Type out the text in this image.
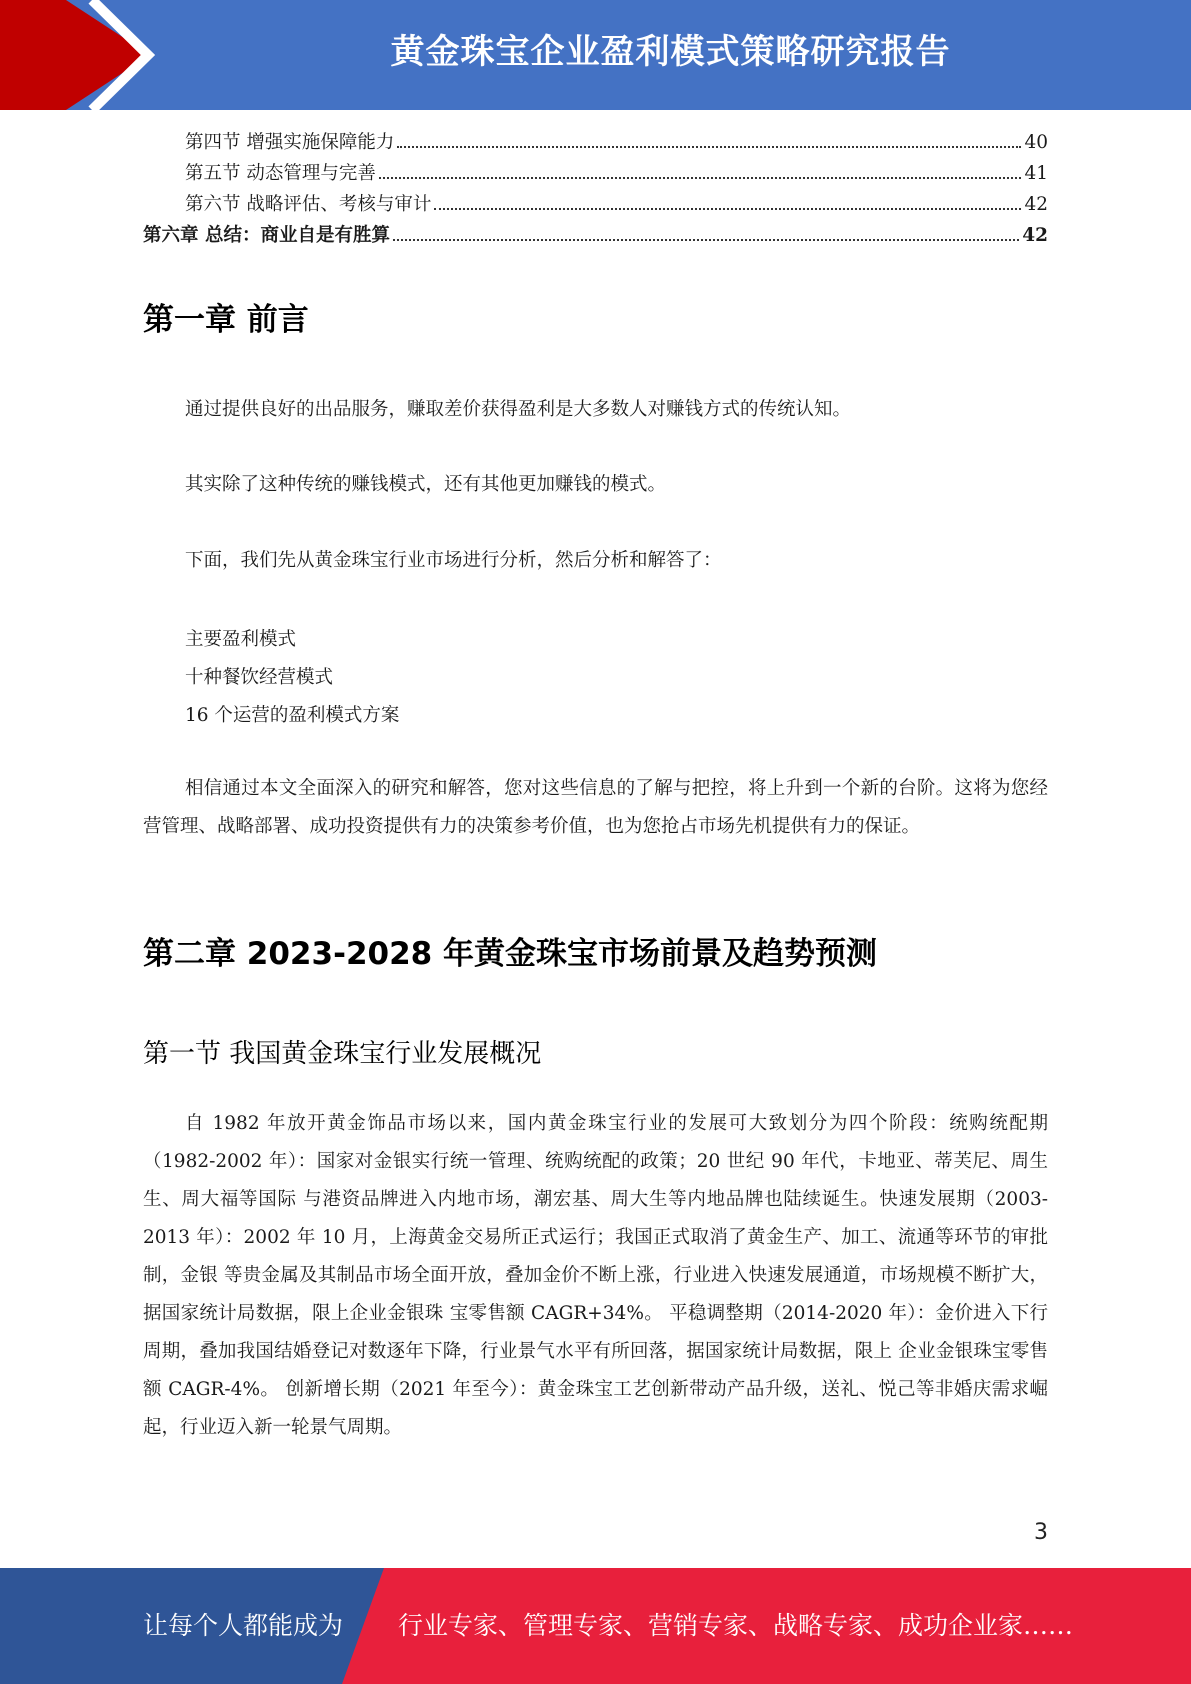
黄金珠宝企业盈利模式策略研究报告
第四节 增强实施保障能力	40
第五节 动态管理与完善	41
第六节 战略评估、考核与审计	42
第六章 总结：商业自是有胜算	42
第一章 前言
通过提供良好的出品服务，赚取差价获得盈利是大多数人对赚钱方式的传统认知。
其实除了这种传统的赚钱模式，还有其他更加赚钱的模式。
下面，我们先从黄金珠宝行业市场进行分析，然后分析和解答了：
主要盈利模式
十种餐饮经营模式
16 个运营的盈利模式方案
相信通过本文全面深入的研究和解答，您对这些信息的了解与把控，将上升到一个新的台阶。这将为您经营管理、战略部署、成功投资提供有力的决策参考价值，也为您抢占市场先机提供有力的保证。
第二章 2023-2028 年黄金珠宝市场前景及趋势预测
第一节 我国黄金珠宝行业发展概况
自 1982 年放开黄金饰品市场以来，国内黄金珠宝行业的发展可大致划分为四个阶段：统购统配期（1982-2002 年）：国家对金银实行统一管理、统购统配的政策；20 世纪 90 年代，卡地亚、蒂芙尼、周生生、周大福等国际 与港资品牌进入内地市场，潮宏基、周大生等内地品牌也陆续诞生。快速发展期（2003-2013 年）：2002 年 10 月，上海黄金交易所正式运行；我国正式取消了黄金生产、加工、流通等环节的审批制，金银 等贵金属及其制品市场全面开放，叠加金价不断上涨，行业进入快速发展通道，市场规模不断扩大，据国家统计局数据，限上企业金银珠 宝零售额 CAGR+34%。 平稳调整期（2014-2020 年）：金价进入下行周期，叠加我国结婚登记对数逐年下降，行业景气水平有所回落，据国家统计局数据，限上 企业金银珠宝零售额 CAGR-4%。 创新增长期（2021 年至今）：黄金珠宝工艺创新带动产品升级，送礼、悦己等非婚庆需求崛起，行业迈入新一轮景气周期。
3
让每个人都能成为 行业专家、管理专家、营销专家、战略专家、成功企业家……
